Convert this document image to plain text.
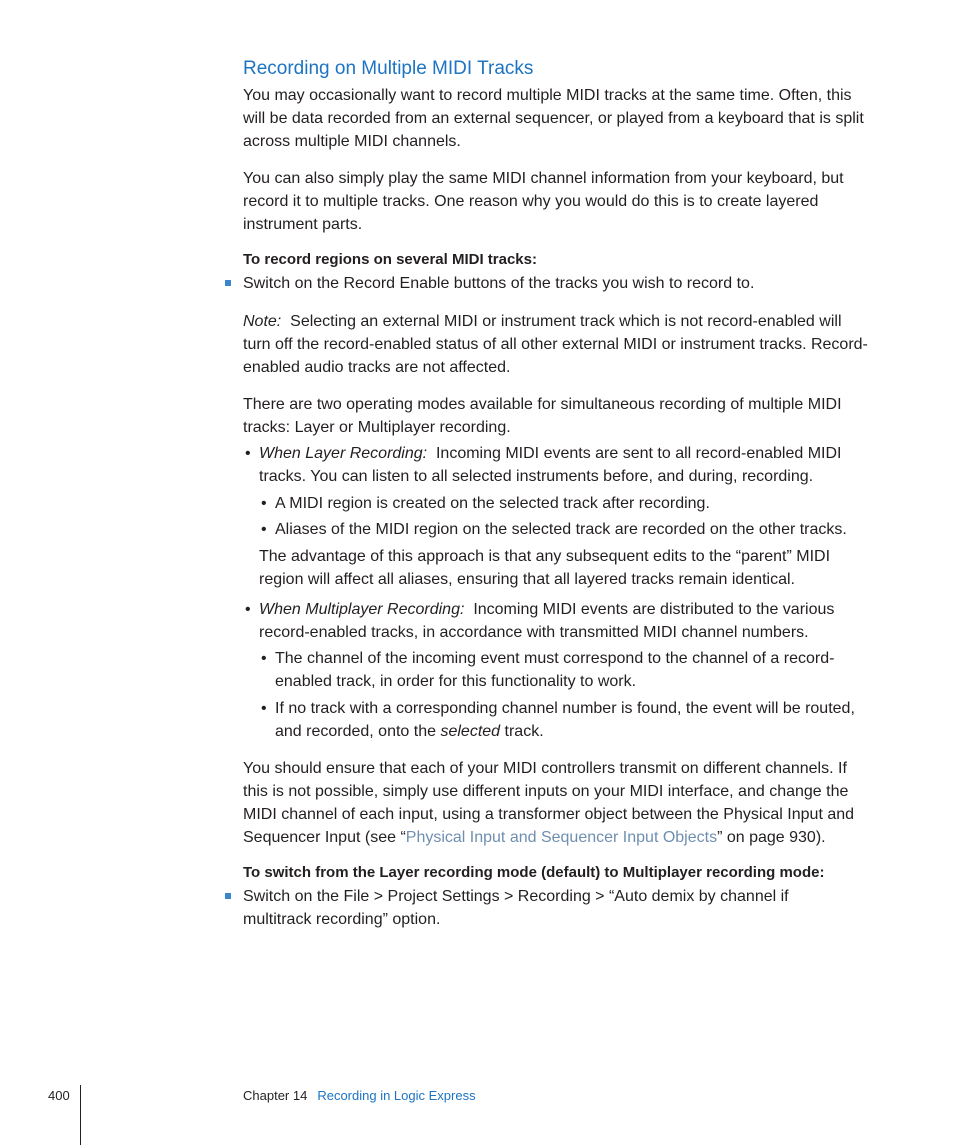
Recording on Multiple MIDI Tracks

You may occasionally want to record multiple MIDI tracks at the same time. Often, this will be data recorded from an external sequencer, or played from a keyboard that is split across multiple MIDI channels.

You can also simply play the same MIDI channel information from your keyboard, but record it to multiple tracks. One reason why you would do this is to create layered instrument parts.

To record regions on several MIDI tracks:

Switch on the Record Enable buttons of the tracks you wish to record to.

Note: Selecting an external MIDI or instrument track which is not record-enabled will turn off the record-enabled status of all other external MIDI or instrument tracks. Record-enabled audio tracks are not affected.

There are two operating modes available for simultaneous recording of multiple MIDI tracks: Layer or Multiplayer recording.

• When Layer Recording: Incoming MIDI events are sent to all record-enabled MIDI tracks. You can listen to all selected instruments before, and during, recording.

• A MIDI region is created on the selected track after recording.

• Aliases of the MIDI region on the selected track are recorded on the other tracks.

The advantage of this approach is that any subsequent edits to the “parent” MIDI region will affect all aliases, ensuring that all layered tracks remain identical.

• When Multiplayer Recording: Incoming MIDI events are distributed to the various record-enabled tracks, in accordance with transmitted MIDI channel numbers.

• The channel of the incoming event must correspond to the channel of a record-enabled track, in order for this functionality to work.

• If no track with a corresponding channel number is found, the event will be routed, and recorded, onto the selected track.

You should ensure that each of your MIDI controllers transmit on different channels. If this is not possible, simply use different inputs on your MIDI interface, and change the MIDI channel of each input, using a transformer object between the Physical Input and Sequencer Input (see “Physical Input and Sequencer Input Objects” on page 930).

To switch from the Layer recording mode (default) to Multiplayer recording mode:

Switch on the File > Project Settings > Recording > “Auto demix by channel if multitrack recording” option.

400	Chapter 14 Recording in Logic Express
